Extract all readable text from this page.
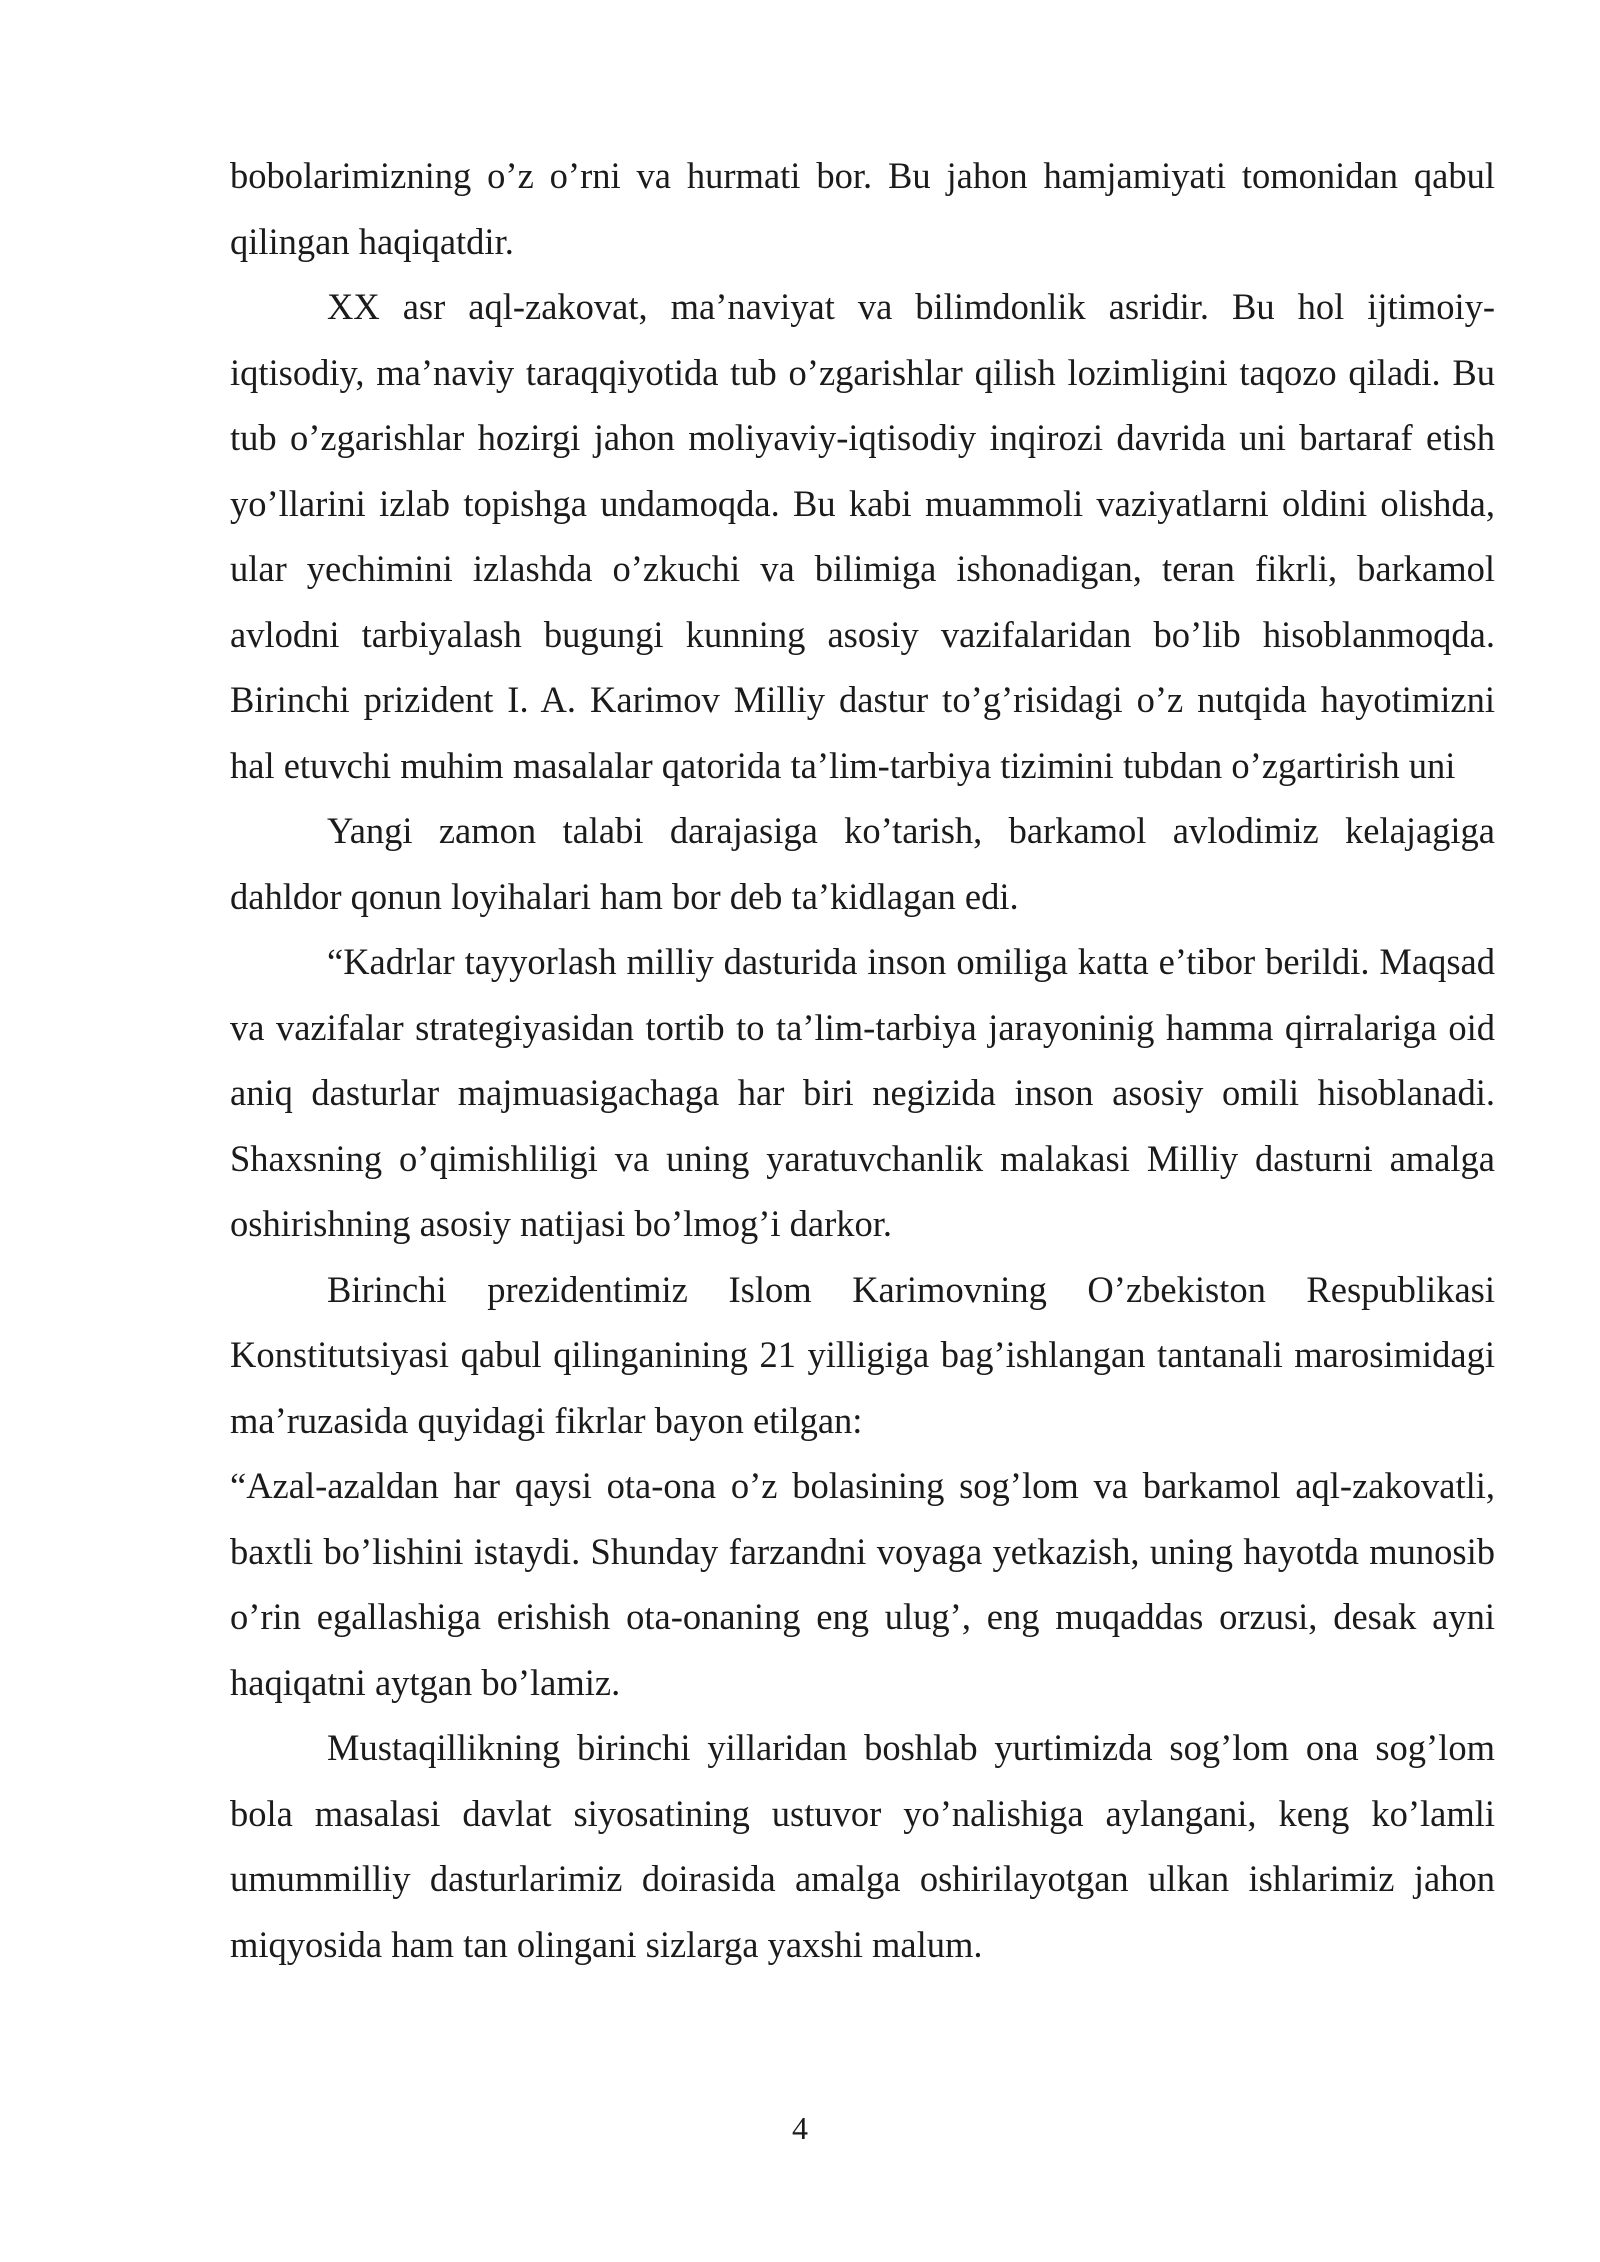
bobolarimizning o’z o’rni va hurmati bor. Bu jahon hamjamiyati tomonidan qabul qilingan haqiqatdir.

XX asr aql-zakovat, ma’naviyat va bilimdonlik asridir. Bu hol ijtimoiy-iqtisodiy, ma’naviy taraqqiyotida tub o’zgarishlar qilish lozimligini taqozo qiladi. Bu tub o’zgarishlar hozirgi jahon moliyaviy-iqtisodiy inqirozi davrida uni bartaraf etish yo’llarini izlab topishga undamoqda. Bu kabi muammoli vaziyatlarni oldini olishda, ular yechimini izlashda o’zkuchi va bilimiga ishonadigan, teran fikrli, barkamol avlodni tarbiyalash bugungi kunning asosiy vazifalaridan bo’lib hisoblanmoqda. Birinchi prizident I. A. Karimov Milliy dastur to’g’risidagi o’z nutqida hayotimizni hal etuvchi muhim masalalar qatorida ta’lim-tarbiya tizimini tubdan o’zgartirish uni

Yangi zamon talabi darajasiga ko’tarish, barkamol avlodimiz kelajagiga dahldor qonun loyihalari ham bor deb ta’kidlagan edi.

“Kadrlar tayyorlash milliy dasturida inson omiliga katta e’tibor berildi. Maqsad va vazifalar strategiyasidan tortib to ta’lim-tarbiya jarayoninig hamma qirralariga oid aniq dasturlar majmuasigachaga har biri negizida inson asosiy omili hisoblanadi. Shaxsning o’qimishliligi va uning yaratuvchanlik malakasi Milliy dasturni amalga oshirishning asosiy natijasi bo’lmog’i darkor.

Birinchi prezidentimiz Islom Karimovning O’zbekiston Respublikasi Konstitutsiyasi qabul qilinganining 21 yilligiga bag’ishlangan tantanali marosimidagi ma’ruzasida quyidagi fikrlar bayon etilgan:

“Azal-azaldan har qaysi ota-ona o’z bolasining sog’lom va barkamol aql-zakovatli, baxtli bo’lishini istaydi. Shunday farzandni voyaga yetkazish, uning hayotda munosib o’rin egallashiga erishish ota-onaning eng ulug’, eng muqaddas orzusi, desak ayni haqiqatni aytgan bo’lamiz.

Mustaqillikning birinchi yillaridan boshlab yurtimizda sog’lom ona sog’lom bola masalasi davlat siyosatining ustuvor yo’nalishiga aylangani, keng ko’lamli umummilliy dasturlarimiz doirasida amalga oshirilayotgan ulkan ishlarimiz jahon miqyosida ham tan olingani sizlarga yaxshi malum.

4
